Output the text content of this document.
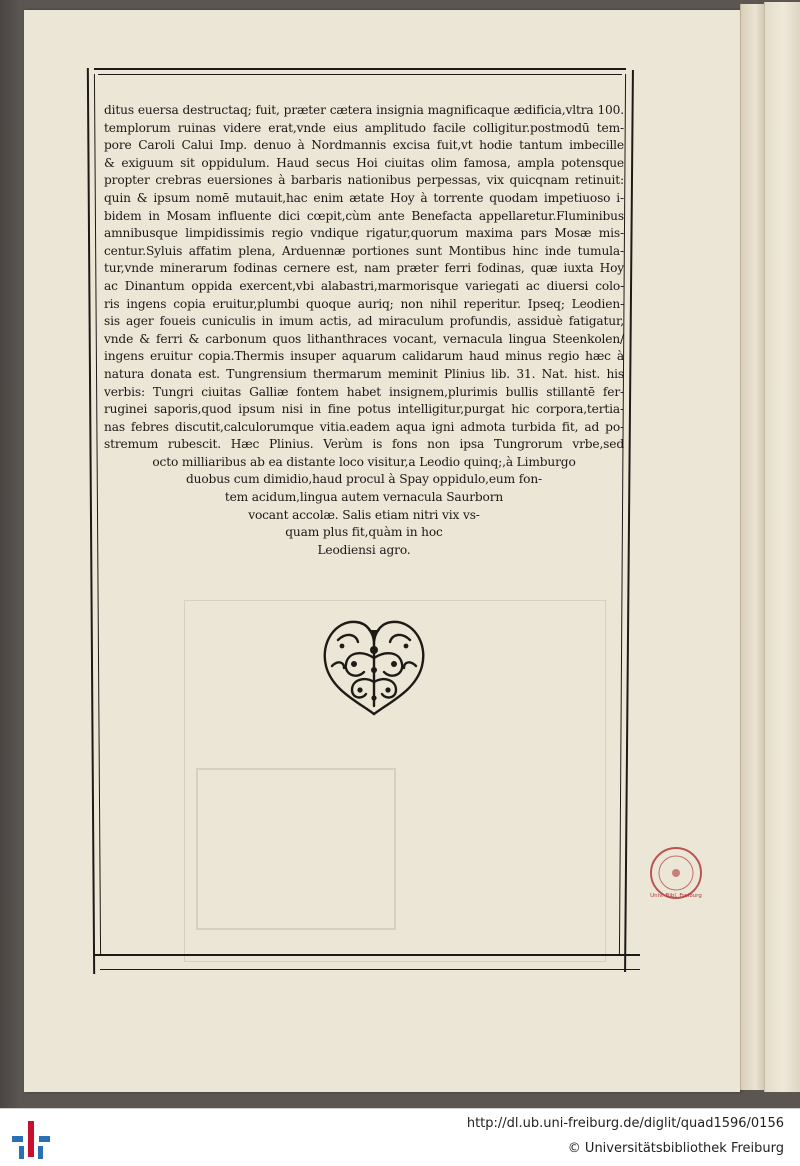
ditus euersa destructaq; fuit, præter cætera insignia magnificaque ædificia,vltra 100.
templorum ruinas videre erat,vnde eius amplitudo facile colligitur.postmodū tem-
pore Caroli Calui Imp. denuo à Nordmannis excisa fuit,vt hodie tantum imbecille
& exiguum sit oppidulum. Haud secus Hoi ciuitas olim famosa, ampla potensque
propter crebras euersiones à barbaris nationibus perpessas, vix quicqnam retinuit:
quin & ipsum nomē mutauit,hac enim ætate Hoy à torrente quodam impetiuoso i-
bidem in Mosam influente dici cœpit,cùm ante Benefacta appellaretur.Fluminibus
amnibusque limpidissimis regio vndique rigatur,quorum maxima pars Mosæ mis-
centur.Syluis affatim plena, Arduennæ portiones sunt Montibus hinc inde tumula-
tur,vnde minerarum fodinas cernere est, nam præter ferri fodinas, quæ iuxta Hoy
ac Dinantum oppida exercent,vbi alabastri,marmorisque variegati ac diuersi colo-
ris ingens copia eruitur,plumbi quoque auriq; non nihil reperitur. Ipseq; Leodien-
sis ager foueis cuniculis in imum actis, ad miraculum profundis, assiduè fatigatur,
vnde & ferri & carbonum quos lithanthraces vocant, vernacula lingua Steenkolen/
ingens eruitur copia.Thermis insuper aquarum calidarum haud minus regio hæc à
natura donata est. Tungrensium thermarum meminit Plinius lib. 31. Nat. hist. his
verbis: Tungri ciuitas Galliæ fontem habet insignem,plurimis bullis stillantē fer-
ruginei saporis,quod ipsum nisi in fine potus intelligitur,purgat hic corpora,tertia-
nas febres discutit,calculorumque vitia.eadem aqua igni admota turbida fit, ad po-
stremum rubescit. Hæc Plinius. Verùm is fons non ipsa Tungrorum vrbe,sed
octo milliaribus ab ea distante loco visitur,a Leodio quinq;,à Limburgo
duobus cum dimidio,haud procul à Spay oppidulo,eum fon-
tem acidum,lingua autem vernacula Saurborn
vocant accolæ. Salis etiam nitri vix vs-
quam plus fit,quàm in hoc
Leodiensi agro.
Univ.-Bibl. Freiburg
http://dl.ub.uni-freiburg.de/diglit/quad1596/0156
© Universitätsbibliothek Freiburg
